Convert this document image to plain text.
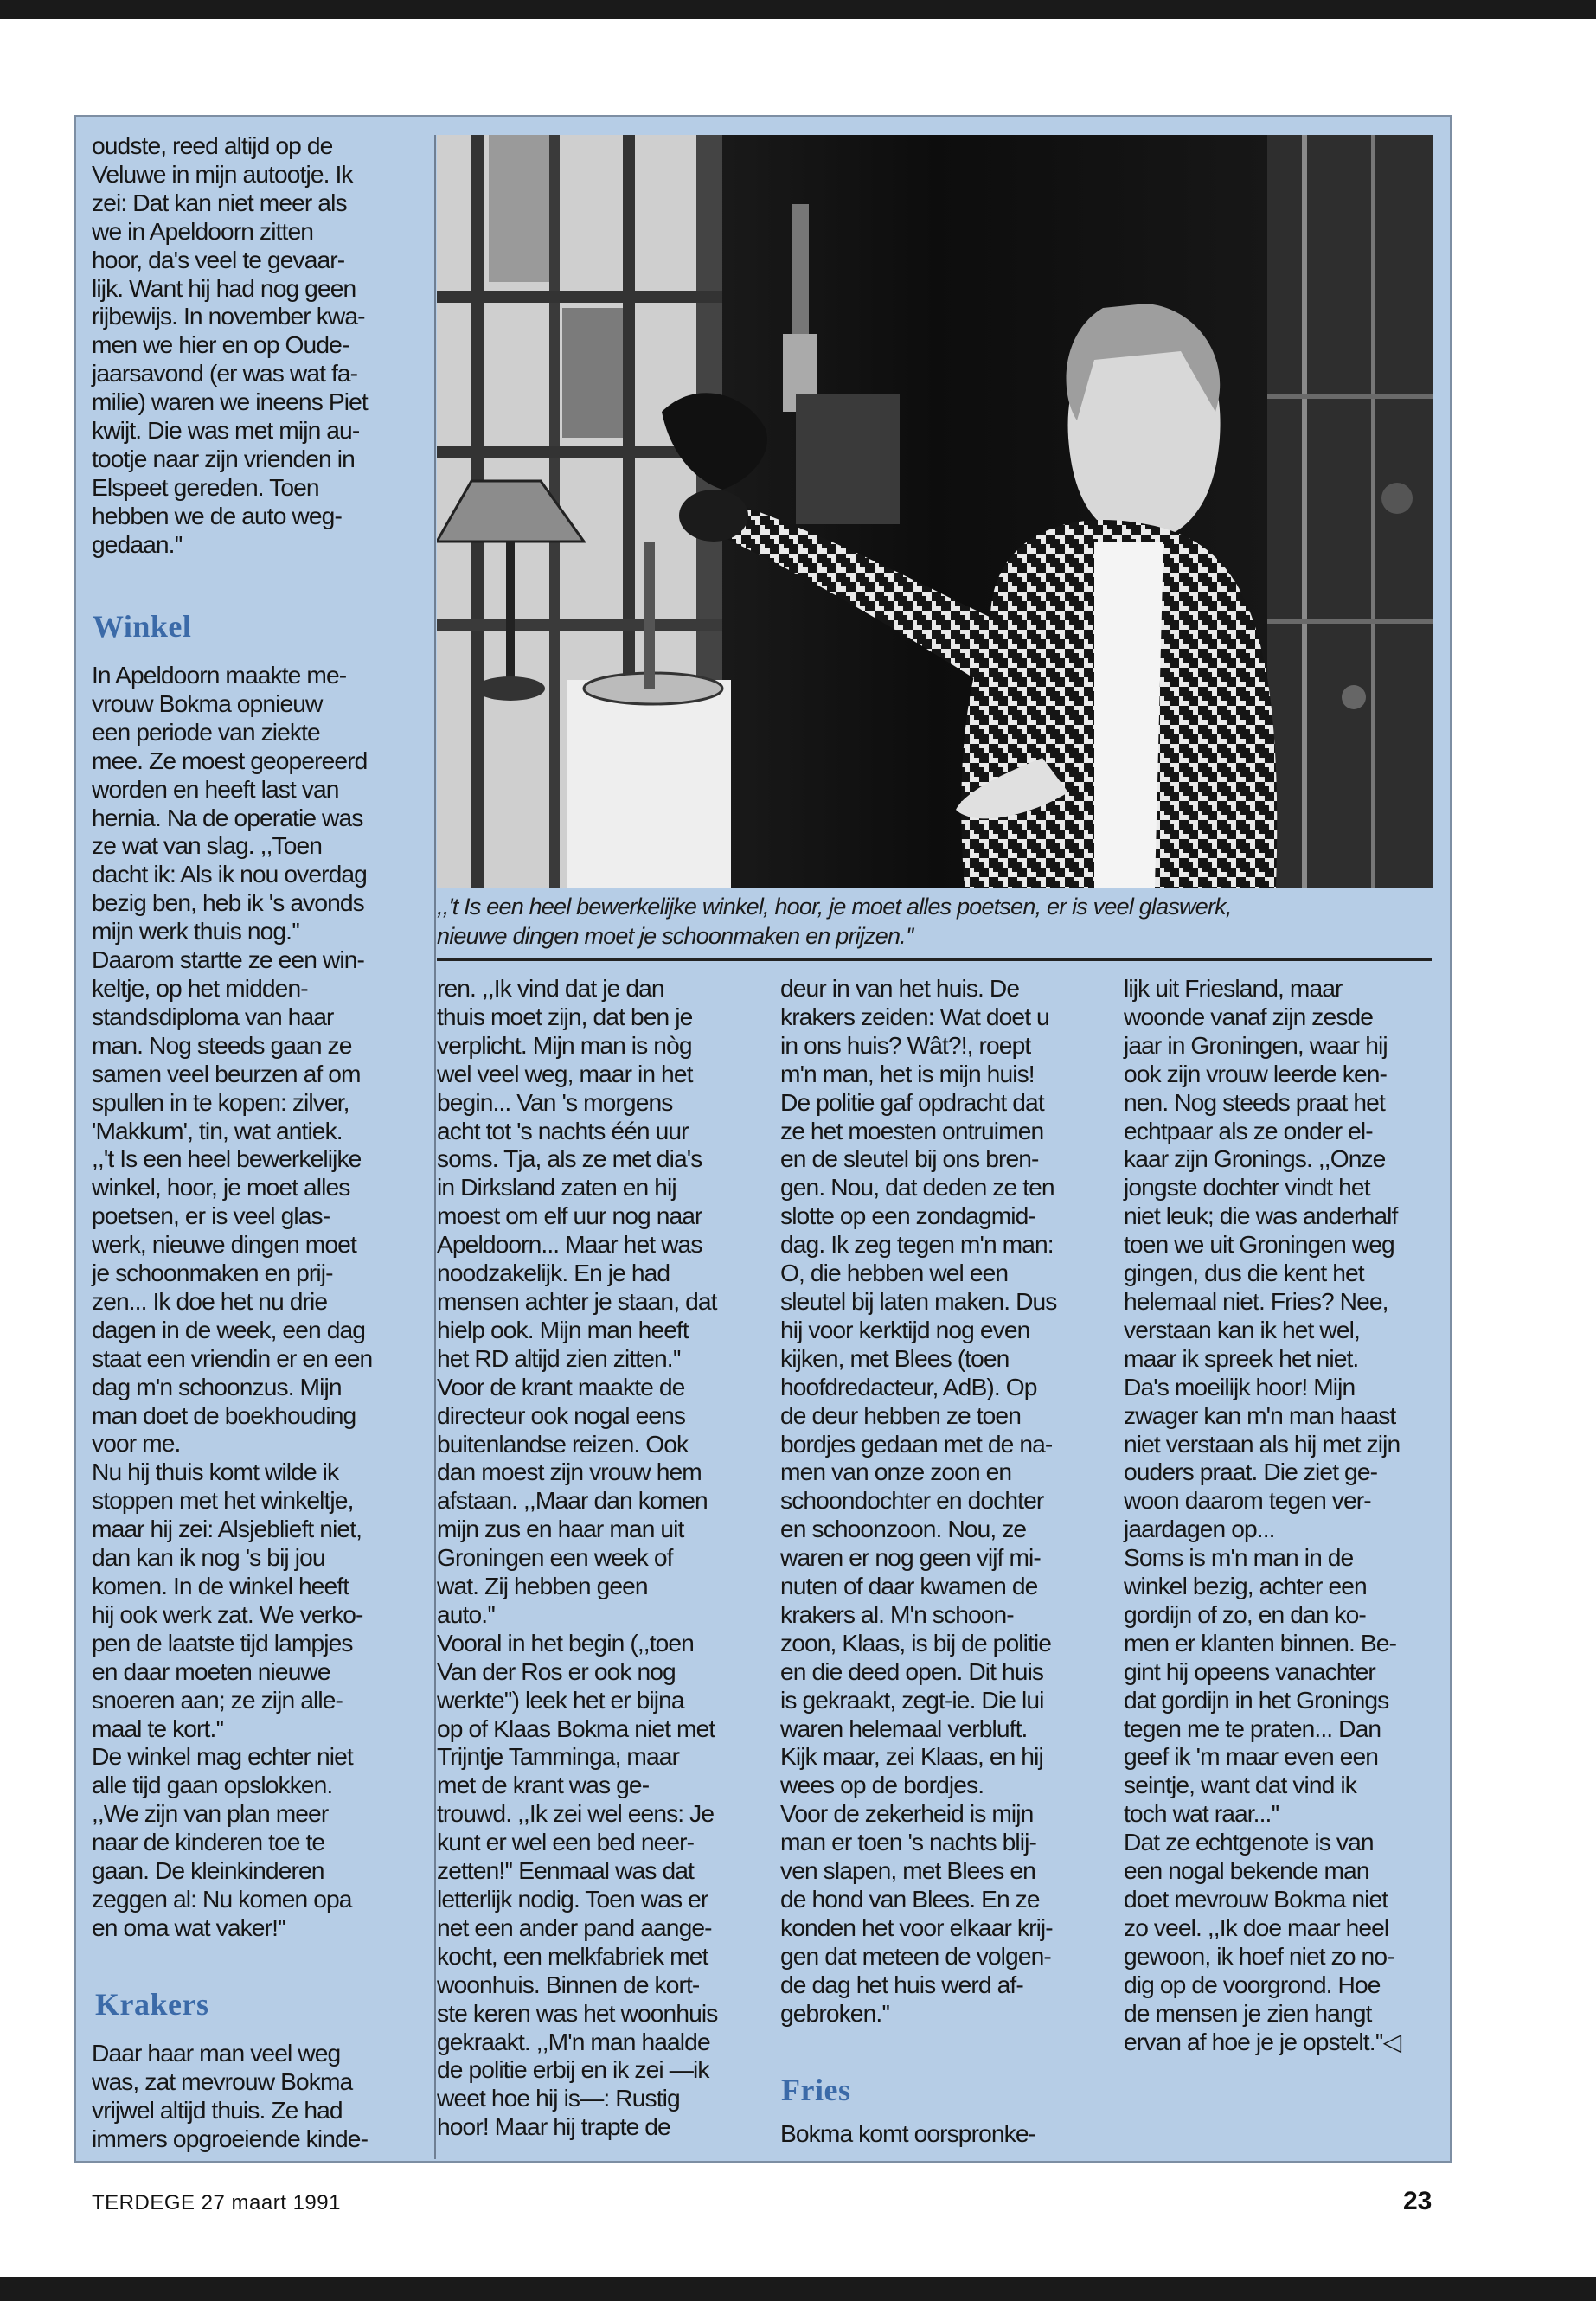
oudste, reed altijd op de
Veluwe in mijn autootje. Ik
zei: Dat kan niet meer als
we in Apeldoorn zitten
hoor, da's veel te gevaar-
lijk. Want hij had nog geen
rijbewijs. In november kwa-
men we hier en op Oude-
jaarsavond (er was wat fa-
milie) waren we ineens Piet
kwijt. Die was met mijn au-
tootje naar zijn vrienden in
Elspeet gereden. Toen
hebben we de auto weg-
gedaan.''
Winkel
In Apeldoorn maakte me-
vrouw Bokma opnieuw
een periode van ziekte
mee. Ze moest geopereerd
worden en heeft last van
hernia. Na de operatie was
ze wat van slag. ,,Toen
dacht ik: Als ik nou overdag
bezig ben, heb ik 's avonds
mijn werk thuis nog.''
Daarom startte ze een win-
keltje, op het midden-
standsdiploma van haar
man. Nog steeds gaan ze
samen veel beurzen af om
spullen in te kopen: zilver,
'Makkum', tin, wat antiek.
,,'t Is een heel bewerkelijke
winkel, hoor, je moet alles
poetsen, er is veel glas-
werk, nieuwe dingen moet
je schoonmaken en prij-
zen... Ik doe het nu drie
dagen in de week, een dag
staat een vriendin er en een
dag m'n schoonzus. Mijn
man doet de boekhouding
voor me.
Nu hij thuis komt wilde ik
stoppen met het winkeltje,
maar hij zei: Alsjeblieft niet,
dan kan ik nog 's bij jou
komen. In de winkel heeft
hij ook werk zat. We verko-
pen de laatste tijd lampjes
en daar moeten nieuwe
snoeren aan; ze zijn alle-
maal te kort.''
De winkel mag echter niet
alle tijd gaan opslokken.
,,We zijn van plan meer
naar de kinderen toe te
gaan. De kleinkinderen
zeggen al: Nu komen opa
en oma wat vaker!''
Krakers
Daar haar man veel weg
was, zat mevrouw Bokma
vrijwel altijd thuis. Ze had
immers opgroeiende kinde-
,,'t Is een heel bewerkelijke winkel, hoor, je moet alles poetsen, er is veel glaswerk,
nieuwe dingen moet je schoonmaken en prijzen.''
ren. ,,Ik vind dat je dan
thuis moet zijn, dat ben je
verplicht. Mijn man is nòg
wel veel weg, maar in het
begin... Van 's morgens
acht tot 's nachts één uur
soms. Tja, als ze met dia's
in Dirksland zaten en hij
moest om elf uur nog naar
Apeldoorn... Maar het was
noodzakelijk. En je had
mensen achter je staan, dat
hielp ook. Mijn man heeft
het RD altijd zien zitten.''
Voor de krant maakte de
directeur ook nogal eens
buitenlandse reizen. Ook
dan moest zijn vrouw hem
afstaan. ,,Maar dan komen
mijn zus en haar man uit
Groningen een week of
wat. Zij hebben geen
auto.''
Vooral in het begin (,,toen
Van der Ros er ook nog
werkte'') leek het er bijna
op of Klaas Bokma niet met
Trijntje Tamminga, maar
met de krant was ge-
trouwd. ,,Ik zei wel eens: Je
kunt er wel een bed neer-
zetten!'' Eenmaal was dat
letterlijk nodig. Toen was er
net een ander pand aange-
kocht, een melkfabriek met
woonhuis. Binnen de kort-
ste keren was het woonhuis
gekraakt. ,,M'n man haalde
de politie erbij en ik zei —ik
weet hoe hij is—: Rustig
hoor! Maar hij trapte de
deur in van het huis. De
krakers zeiden: Wat doet u
in ons huis? Wât?!, roept
m'n man, het is mijn huis!
De politie gaf opdracht dat
ze het moesten ontruimen
en de sleutel bij ons bren-
gen. Nou, dat deden ze ten
slotte op een zondagmid-
dag. Ik zeg tegen m'n man:
O, die hebben wel een
sleutel bij laten maken. Dus
hij voor kerktijd nog even
kijken, met Blees (toen
hoofdredacteur, AdB). Op
de deur hebben ze toen
bordjes gedaan met de na-
men van onze zoon en
schoondochter en dochter
en schoonzoon. Nou, ze
waren er nog geen vijf mi-
nuten of daar kwamen de
krakers al. M'n schoon-
zoon, Klaas, is bij de politie
en die deed open. Dit huis
is gekraakt, zegt-ie. Die lui
waren helemaal verbluft.
Kijk maar, zei Klaas, en hij
wees op de bordjes.
Voor de zekerheid is mijn
man er toen 's nachts blij-
ven slapen, met Blees en
de hond van Blees. En ze
konden het voor elkaar krij-
gen dat meteen de volgen-
de dag het huis werd af-
gebroken.''
Fries
Bokma komt oorspronke-
lijk uit Friesland, maar
woonde vanaf zijn zesde
jaar in Groningen, waar hij
ook zijn vrouw leerde ken-
nen. Nog steeds praat het
echtpaar als ze onder el-
kaar zijn Gronings. ,,Onze
jongste dochter vindt het
niet leuk; die was anderhalf
toen we uit Groningen weg
gingen, dus die kent het
helemaal niet. Fries? Nee,
verstaan kan ik het wel,
maar ik spreek het niet.
Da's moeilijk hoor! Mijn
zwager kan m'n man haast
niet verstaan als hij met zijn
ouders praat. Die ziet ge-
woon daarom tegen ver-
jaardagen op...
Soms is m'n man in de
winkel bezig, achter een
gordijn of zo, en dan ko-
men er klanten binnen. Be-
gint hij opeens vanachter
dat gordijn in het Gronings
tegen me te praten... Dan
geef ik 'm maar even een
seintje, want dat vind ik
toch wat raar...''
Dat ze echtgenote is van
een nogal bekende man
doet mevrouw Bokma niet
zo veel. ,,Ik doe maar heel
gewoon, ik hoef niet zo no-
dig op de voorgrond. Hoe
de mensen je zien hangt
ervan af hoe je je opstelt.''◁
TERDEGE 27 maart 1991	23
